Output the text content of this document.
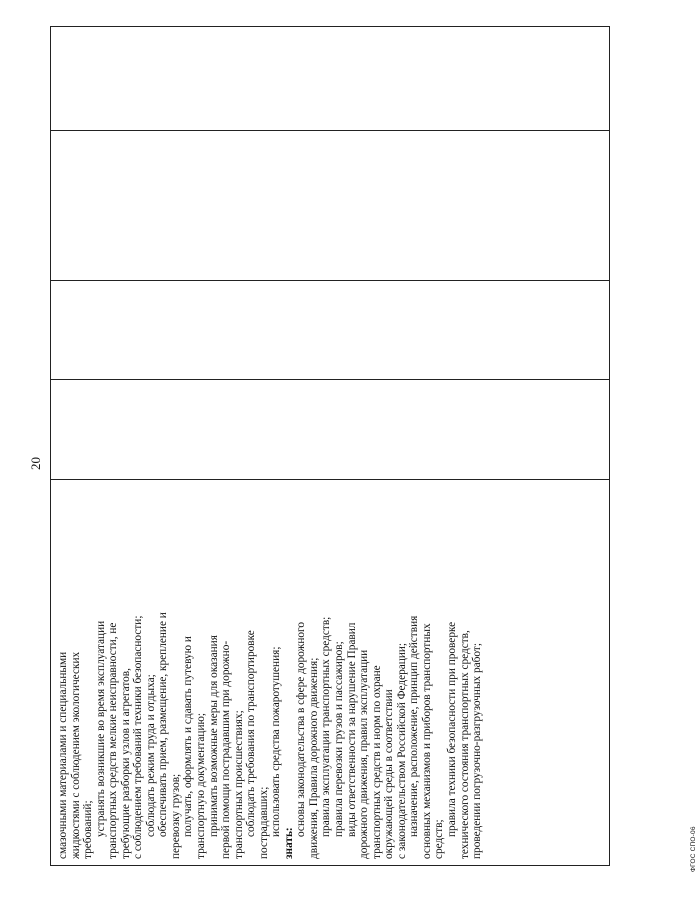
20
смазочными материалами и специальными жидкостями с соблюдением экологических требований; устранять возникшие во время эксплуатации транспортных средств мелкие неисправности, не требующие разборки узлов и агрегатов, с соблюдением требований техники безопасности; соблюдать режим труда и отдыха; обеспечивать прием, размещение, крепление и перевозку грузов; получать, оформлять и сдавать путевую и транспортную документацию; принимать возможные меры для оказания первой помощи пострадавшим при дорожно- транспортных происшествиях; соблюдать требования по транспортировке пострадавших; использовать средства пожаротушения;
знать:
основы законодательства в сфере дорожного движения, Правила дорожного движения; правила эксплуатации транспортных средств; правила перевозки грузов и пассажиров; виды ответственности за нарушение Правил дорожного движения, правил эксплуатации транспортных средств и норм по охране окружающей среды в соответствии с законодательством Российской Федерации; назначение, расположение, принцип действия основных механизмов и приборов транспортных средств;
правила техники безопасности при проверке технического состояния транспортных средств, проведении погрузочно-разгрузочных работ;	ФГОС СПО-06
